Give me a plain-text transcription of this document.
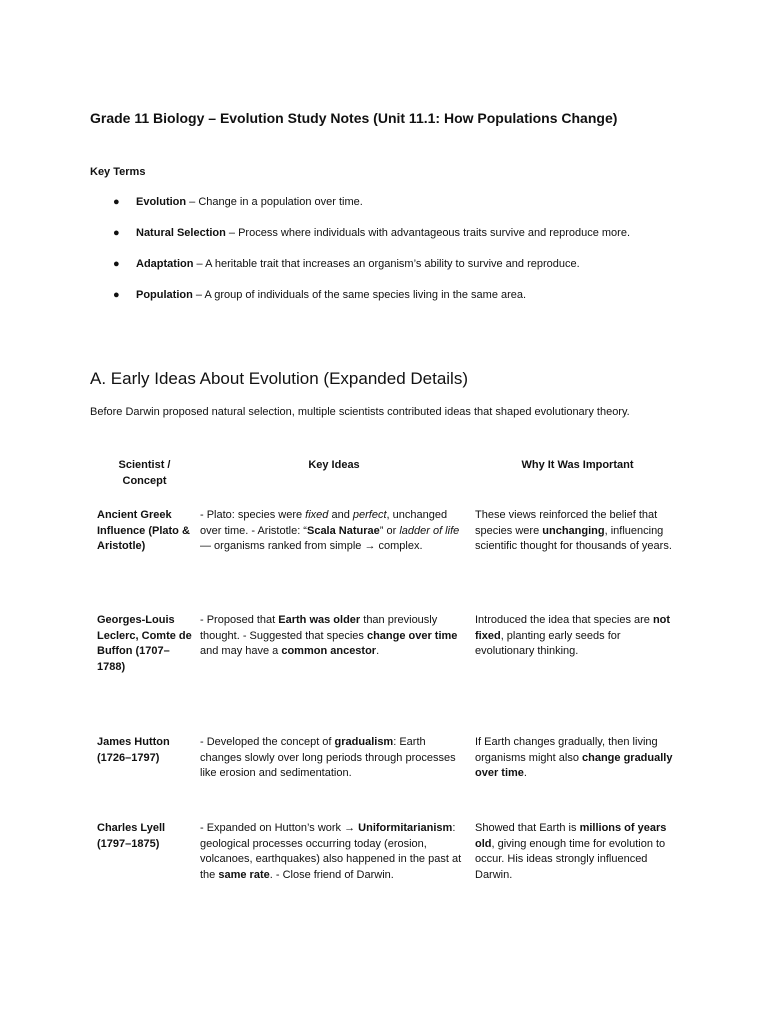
Grade 11 Biology – Evolution Study Notes (Unit 11.1: How Populations Change)
Key Terms
● Evolution – Change in a population over time.
● Natural Selection – Process where individuals with advantageous traits survive and reproduce more.
● Adaptation – A heritable trait that increases an organism’s ability to survive and reproduce.
● Population – A group of individuals of the same species living in the same area.
A. Early Ideas About Evolution (Expanded Details)

Before Darwin proposed natural selection, multiple scientists contributed ideas that shaped evolutionary theory.

Scientist / Concept
Key Ideas	Why It Was Important
Ancient Greek Influence (Plato & Aristotle)
- Plato: species were fixed and perfect, unchanged over time. - Aristotle: “Scala Naturae” or ladder of life — organisms ranked from simple → complex.
These views reinforced the belief that species were unchanging, influencing scientific thought for thousands of years.
Georges-Louis Leclerc, Comte de Buffon (1707–1788)
- Proposed that Earth was older than previously thought. - Suggested that species change over time and may have a common ancestor.
Introduced the idea that species are not fixed, planting early seeds for evolutionary thinking.
James Hutton (1726–1797)
- Developed the concept of gradualism: Earth changes slowly over long periods through processes like erosion and sedimentation.
If Earth changes gradually, then living organisms might also change gradually over time.
Charles Lyell (1797–1875)
- Expanded on Hutton’s work → Uniformitarianism: geological processes occurring today (erosion, volcanoes, earthquakes) also happened in the past at the same rate. - Close friend of Darwin.
Showed that Earth is millions of years old, giving enough time for evolution to occur. His ideas strongly influenced Darwin.
